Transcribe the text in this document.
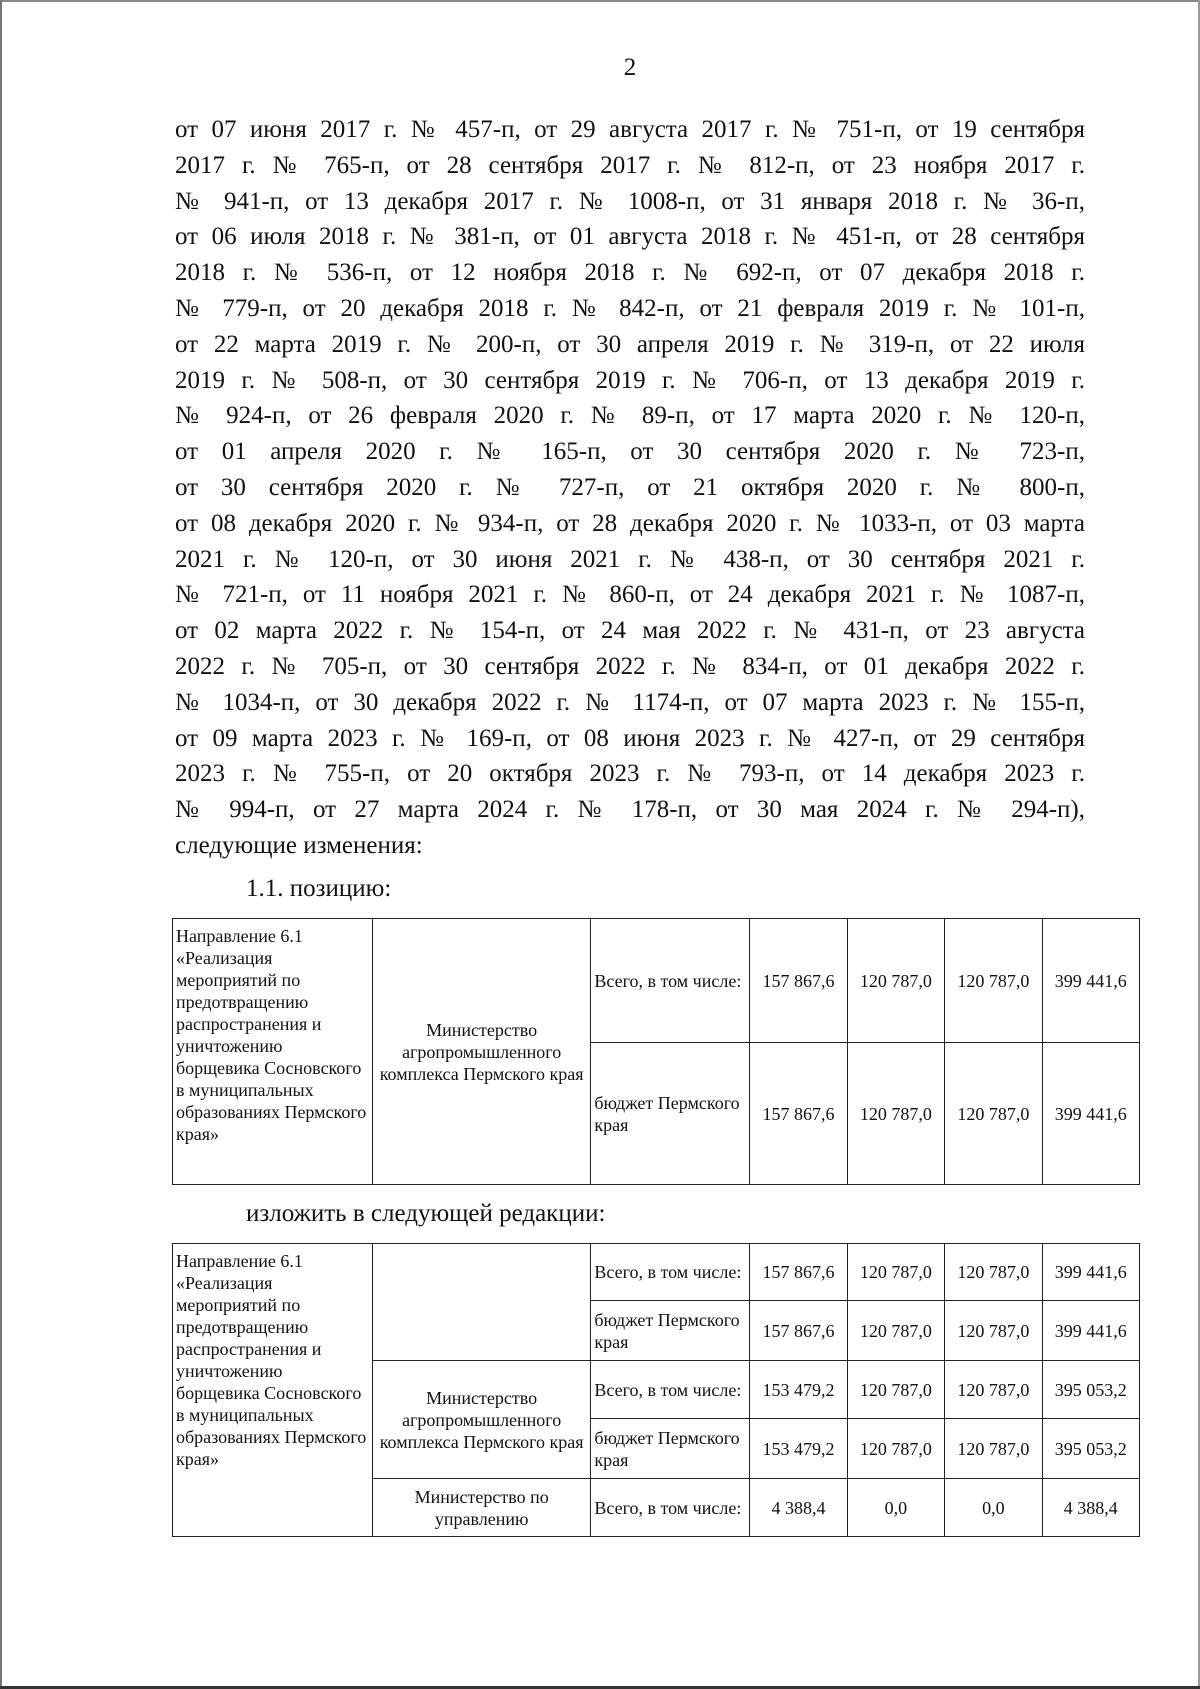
2
от 07 июня 2017 г. № 457-п, от 29 августа 2017 г. № 751-п, от 19 сентября
2017 г. № 765-п, от 28 сентября 2017 г. № 812-п, от 23 ноября 2017 г.
№ 941-п, от 13 декабря 2017 г. № 1008-п, от 31 января 2018 г. № 36-п,
от 06 июля 2018 г. № 381-п, от 01 августа 2018 г. № 451-п, от 28 сентября
2018 г. № 536-п, от 12 ноября 2018 г. № 692-п, от 07 декабря 2018 г.
№ 779-п, от 20 декабря 2018 г. № 842-п, от 21 февраля 2019 г. № 101-п,
от 22 марта 2019 г. № 200-п, от 30 апреля 2019 г. № 319-п, от 22 июля
2019 г. № 508-п, от 30 сентября 2019 г. № 706-п, от 13 декабря 2019 г.
№ 924-п, от 26 февраля 2020 г. № 89-п, от 17 марта 2020 г. № 120-п,
от 01 апреля 2020 г. № 165-п, от 30 сентября 2020 г. № 723-п,
от 30 сентября 2020 г. № 727-п, от 21 октября 2020 г. № 800-п,
от 08 декабря 2020 г. № 934-п, от 28 декабря 2020 г. № 1033-п, от 03 марта
2021 г. № 120-п, от 30 июня 2021 г. № 438-п, от 30 сентября 2021 г.
№ 721-п, от 11 ноября 2021 г. № 860-п, от 24 декабря 2021 г. № 1087-п,
от 02 марта 2022 г. № 154-п, от 24 мая 2022 г. № 431-п, от 23 августа
2022 г. № 705-п, от 30 сентября 2022 г. № 834-п, от 01 декабря 2022 г.
№ 1034-п, от 30 декабря 2022 г. № 1174-п, от 07 марта 2023 г. № 155-п,
от 09 марта 2023 г. № 169-п, от 08 июня 2023 г. № 427-п, от 29 сентября
2023 г. № 755-п, от 20 октября 2023 г. № 793-п, от 14 декабря 2023 г.
№ 994-п, от 27 марта 2024 г. № 178-п, от 30 мая 2024 г. № 294-п),
следующие изменения:
1.1. позицию:
Направление 6.1 «Реализация мероприятий по предотвращению распространения и уничтожению борщевика Сосновского в муниципальных образованиях Пермского края»	Министерство агропромышленного комплекса Пермского края	Всего, в том числе:	157 867,6	120 787,0	120 787,0	399 441,6
		бюджет Пермского края	157 867,6	120 787,0	120 787,0	399 441,6
изложить в следующей редакции:
Направление 6.1 «Реализация мероприятий по предотвращению распространения и уничтожению борщевика Сосновского в муниципальных образованиях Пермского края»		Всего, в том числе:	157 867,6	120 787,0	120 787,0	399 441,6
		бюджет Пермского края	157 867,6	120 787,0	120 787,0	399 441,6
	Министерство агропромышленного комплекса Пермского края	Всего, в том числе:	153 479,2	120 787,0	120 787,0	395 053,2
		бюджет Пермского края	153 479,2	120 787,0	120 787,0	395 053,2
	Министерство по управлению	Всего, в том числе:	4 388,4	0,0	0,0	4 388,4
